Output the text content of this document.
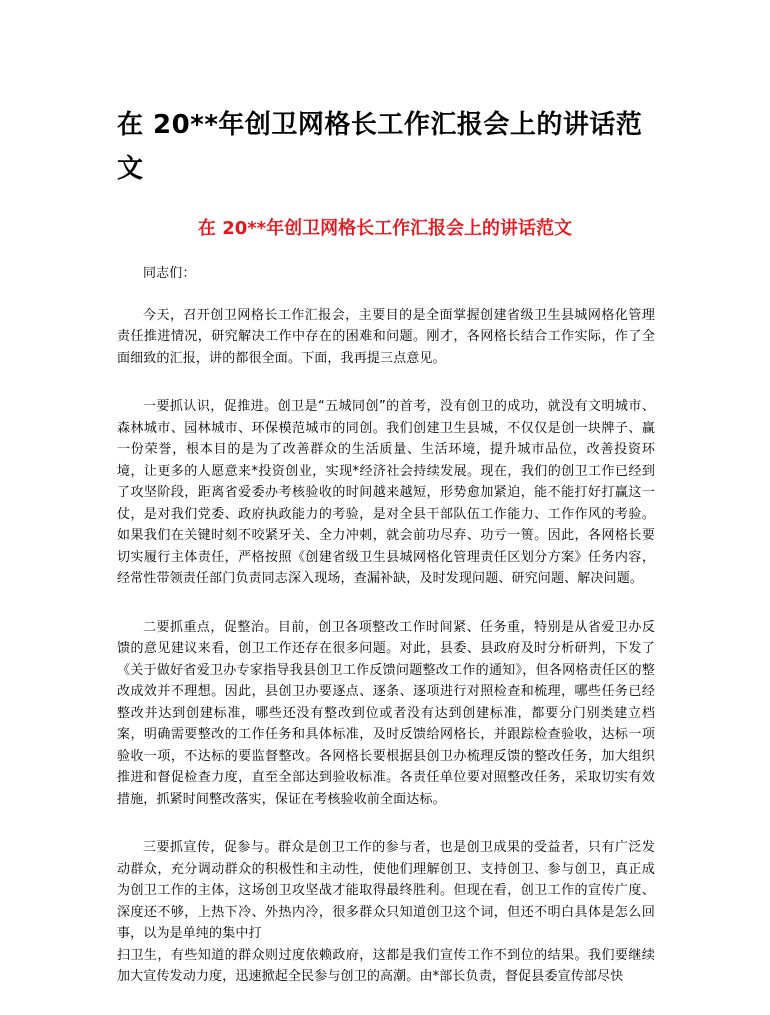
在 20**年创卫网格长工作汇报会上的讲话范文
在 20**年创卫网格长工作汇报会上的讲话范文

同志们：

今天，召开创卫网格长工作汇报会，主要目的是全面掌握创建省级卫生县城网格化管理责任推进情况，研究解决工作中存在的困难和问题。刚才，各网格长结合工作实际，作了全面细致的汇报，讲的都很全面。下面，我再提三点意见。

一要抓认识，促推进。创卫是“五城同创”的首考，没有创卫的成功，就没有文明城市、森林城市、园林城市、环保模范城市的同创。我们创建卫生县城，不仅仅是创一块牌子、赢一份荣誉，根本目的是为了改善群众的生活质量、生活环境，提升城市品位，改善投资环境，让更多的人愿意来*投资创业，实现*经济社会持续发展。现在，我们的创卫工作已经到了攻坚阶段，距离省爱委办考核验收的时间越来越短，形势愈加紧迫，能不能打好打赢这一仗，是对我们党委、政府执政能力的考验，是对全县干部队伍工作能力、工作作风的考验。如果我们在关键时刻不咬紧牙关、全力冲刺，就会前功尽弃、功亏一篑。因此，各网格长要切实履行主体责任，严格按照《创建省级卫生县城网格化管理责任区划分方案》任务内容，经常性带领责任部门负责同志深入现场，查漏补缺，及时发现问题、研究问题、解决问题。

二要抓重点，促整治。目前，创卫各项整改工作时间紧、任务重，特别是从省爱卫办反馈的意见建议来看，创卫工作还存在很多问题。对此，县委、县政府及时分析研判，下发了《关于做好省爱卫办专家指导我县创卫工作反馈问题整改工作的通知》，但各网格责任区的整改成效并不理想。因此，县创卫办要逐点、逐条、逐项进行对照检查和梳理，哪些任务已经整改并达到创建标准，哪些还没有整改到位或者没有达到创建标准，都要分门别类建立档案，明确需要整改的工作任务和具体标准，及时反馈给网格长，并跟踪检查验收，达标一项验收一项，不达标的要监督整改。各网格长要根据县创卫办梳理反馈的整改任务，加大组织推进和督促检查力度，直至全部达到验收标准。各责任单位要对照整改任务，采取切实有效措施，抓紧时间整改落实，保证在考核验收前全面达标。

三要抓宣传，促参与。群众是创卫工作的参与者，也是创卫成果的受益者，只有广泛发动群众，充分调动群众的积极性和主动性，使他们理解创卫、支持创卫、参与创卫，真正成为创卫工作的主体，这场创卫攻坚战才能取得最终胜利。但现在看，创卫工作的宣传广度、深度还不够，上热下冷、外热内冷，很多群众只知道创卫这个词，但还不明白具体是怎么回事，以为是单纯的集中打

扫卫生，有些知道的群众则过度依赖政府，这都是我们宣传工作不到位的结果。我们要继续加大宣传发动力度，迅速掀起全民参与创卫的高潮。由*部长负责，督促县委宣传部尽快
